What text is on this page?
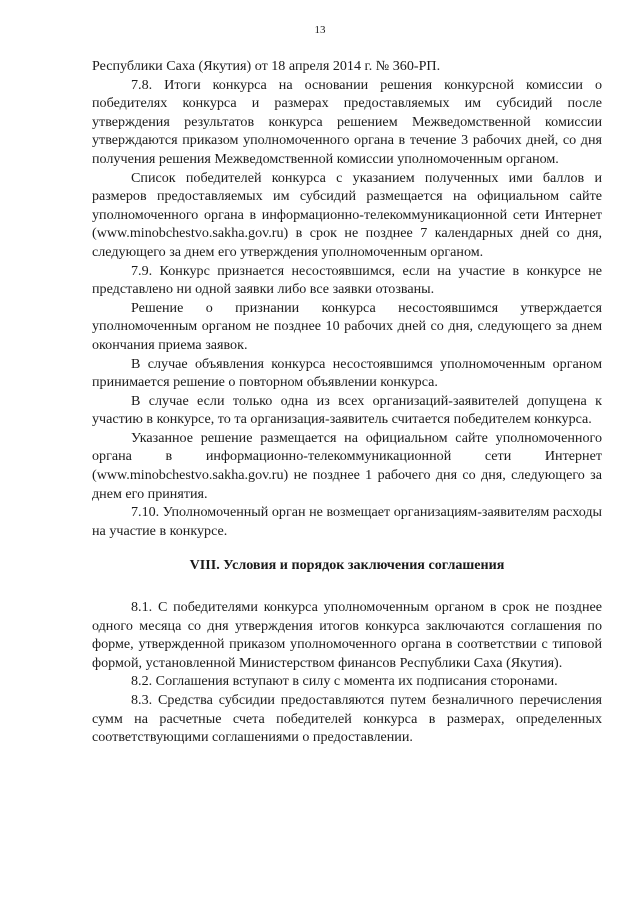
13

Республики Саха (Якутия) от 18 апреля 2014 г. № 360-РП.

7.8. Итоги конкурса на основании решения конкурсной комиссии о победителях конкурса и размерах предоставляемых им субсидий после утверждения результатов конкурса решением Межведомственной комиссии утверждаются приказом уполномоченного органа в течение 3 рабочих дней, со дня получения решения Межведомственной комиссии уполномоченным органом.

Список победителей конкурса с указанием полученных ими баллов и размеров предоставляемых им субсидий размещается на официальном сайте уполномоченного органа в информационно-телекоммуникационной сети Интернет (www.minobchestvo.sakha.gov.ru) в срок не позднее 7 календарных дней со дня, следующего за днем его утверждения уполномоченным органом.

7.9. Конкурс признается несостоявшимся, если на участие в конкурсе не представлено ни одной заявки либо все заявки отозваны.

Решение о признании конкурса несостоявшимся утверждается уполномоченным органом не позднее 10 рабочих дней со дня, следующего за днем окончания приема заявок.

В случае объявления конкурса несостоявшимся уполномоченным органом принимается решение о повторном объявлении конкурса.

В случае если только одна из всех организаций-заявителей допущена к участию в конкурсе, то та организация-заявитель считается победителем конкурса.

Указанное решение размещается на официальном сайте уполномоченного органа в информационно-телекоммуникационной сети Интернет (www.minobchestvo.sakha.gov.ru) не позднее 1 рабочего дня со дня, следующего за днем его принятия.

7.10. Уполномоченный орган не возмещает организациям-заявителям расходы на участие в конкурсе.

VIII. Условия и порядок заключения соглашения

8.1. С победителями конкурса уполномоченным органом в срок не позднее одного месяца со дня утверждения итогов конкурса заключаются соглашения по форме, утвержденной приказом уполномоченного органа в соответствии с типовой формой, установленной Министерством финансов Республики Саха (Якутия).

8.2. Соглашения вступают в силу с момента их подписания сторонами.

8.3. Средства субсидии предоставляются путем безналичного перечисления сумм на расчетные счета победителей конкурса в размерах, определенных соответствующими соглашениями о предоставлении.
